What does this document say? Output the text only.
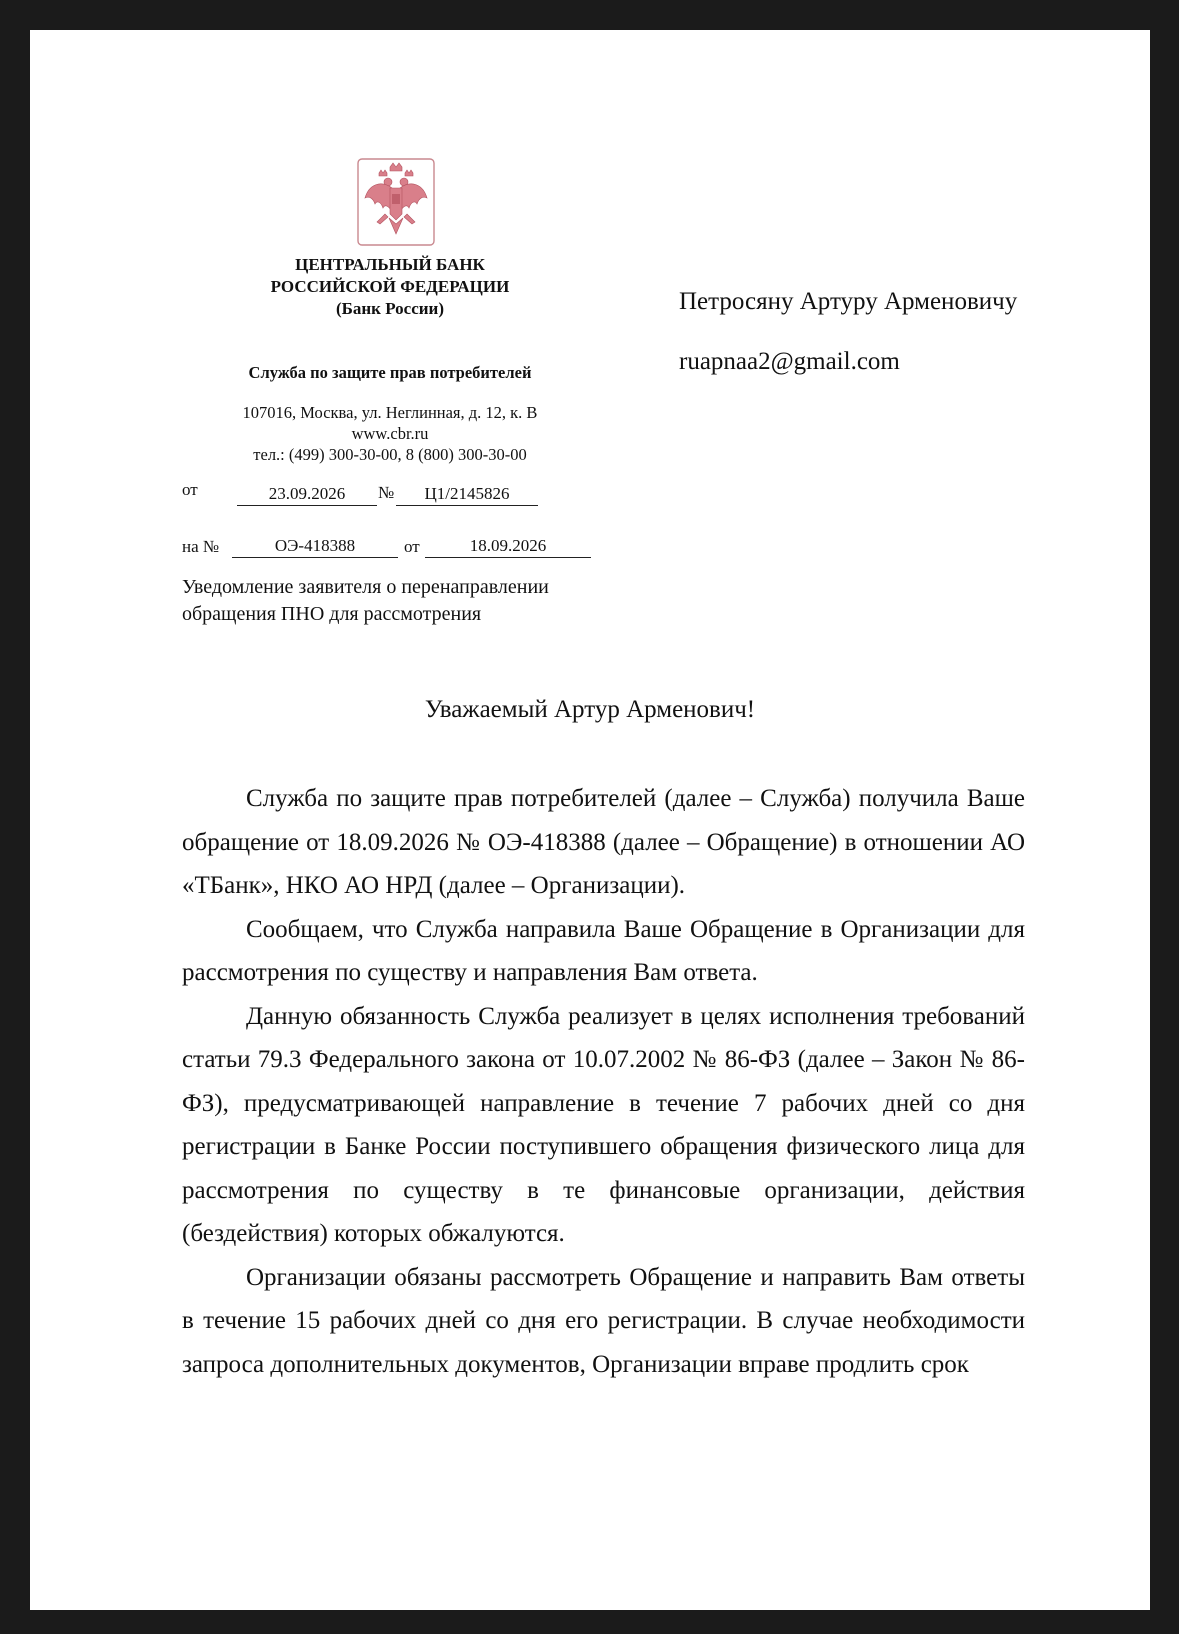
ЦЕНТРАЛЬНЫЙ БАНК
РОССИЙСКОЙ ФЕДЕРАЦИИ
(Банк России)
Служба по защите прав потребителей
107016, Москва, ул. Неглинная, д. 12, к. В
www.cbr.ru
тел.: (499) 300-30-00, 8 (800) 300-30-00
Петросяну Артуру Арменовичу
ruapnaa2@gmail.com
от	23.09.2026	№	Ц1/2145826
на №	ОЭ-418388	от	18.09.2026
Уведомление заявителя о перенаправлении обращения ПНО для рассмотрения
Уважаемый Артур Арменович!

Служба по защите прав потребителей (далее – Служба) получила Ваше обращение от 18.09.2026 № ОЭ-418388 (далее – Обращение) в отношении АО «ТБанк», НКО АО НРД (далее – Организации).

Сообщаем, что Служба направила Ваше Обращение в Организации для рассмотрения по существу и направления Вам ответа.

Данную обязанность Служба реализует в целях исполнения требований статьи 79.3 Федерального закона от 10.07.2002 № 86-ФЗ (далее – Закон № 86-ФЗ), предусматривающей направление в течение 7 рабочих дней со дня регистрации в Банке России поступившего обращения физического лица для рассмотрения по существу в те финансовые организации, действия (бездействия) которых обжалуются.

Организации обязаны рассмотреть Обращение и направить Вам ответы в течение 15 рабочих дней со дня его регистрации. В случае необходимости запроса дополнительных документов, Организации вправе продлить срок
